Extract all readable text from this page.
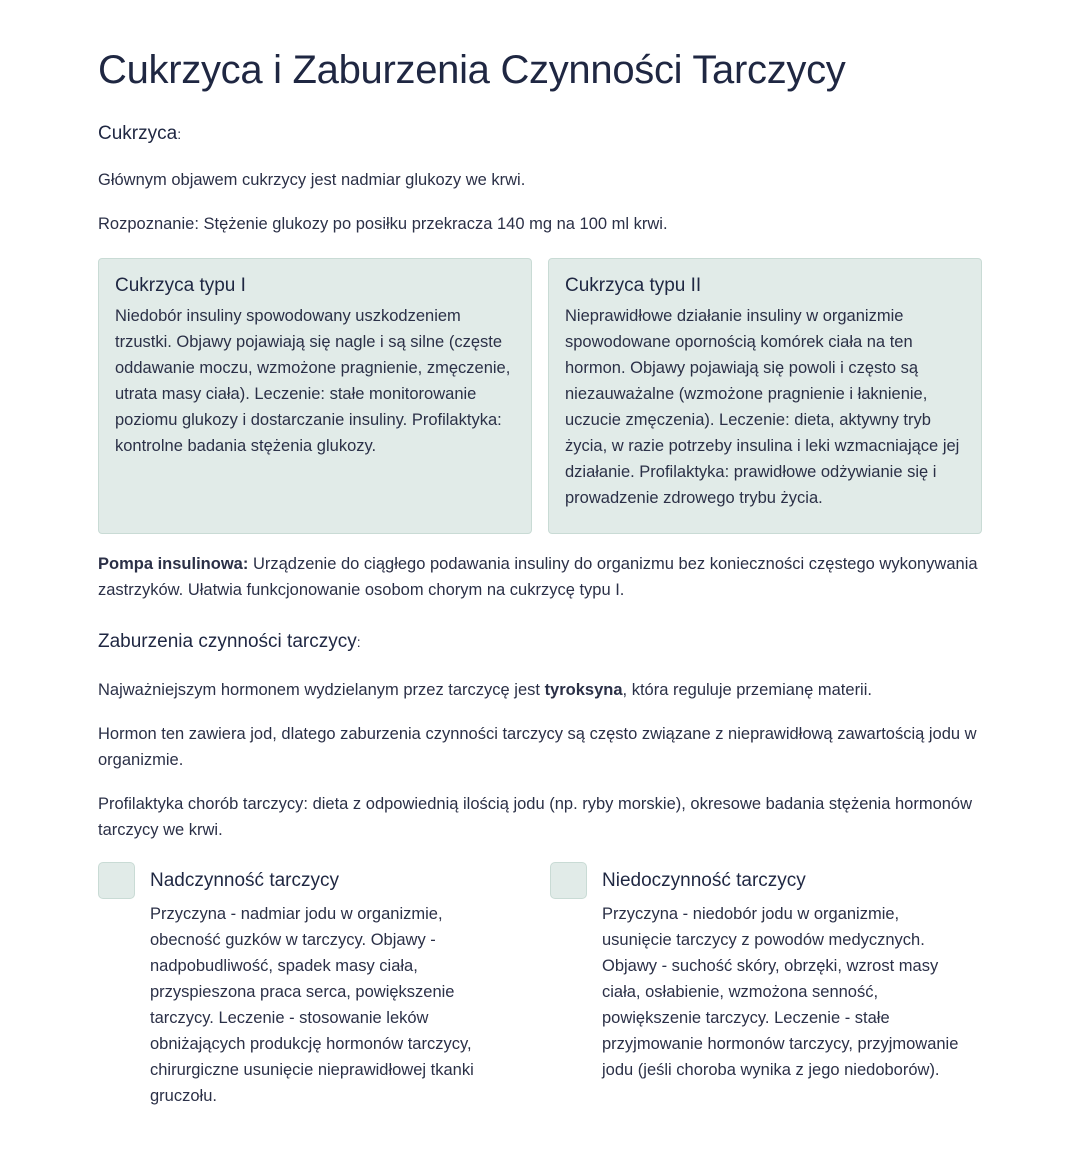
Cukrzyca i Zaburzenia Czynności Tarczycy
Cukrzyca:

Głównym objawem cukrzycy jest nadmiar glukozy we krwi.

Rozpoznanie: Stężenie glukozy po posiłku przekracza 140 mg na 100 ml krwi.

Cukrzyca typu I
Niedobór insuliny spowodowany uszkodzeniem trzustki. Objawy pojawiają się nagle i są silne (częste oddawanie moczu, wzmożone pragnienie, zmęczenie, utrata masy ciała). Leczenie: stałe monitorowanie poziomu glukozy i dostarczanie insuliny. Profilaktyka: kontrolne badania stężenia glukozy.
Cukrzyca typu II
Nieprawidłowe działanie insuliny w organizmie spowodowane opornością komórek ciała na ten hormon. Objawy pojawiają się powoli i często są niezauważalne (wzmożone pragnienie i łaknienie, uczucie zmęczenia). Leczenie: dieta, aktywny tryb życia, w razie potrzeby insulina i leki wzmacniające jej działanie. Profilaktyka: prawidłowe odżywianie się i prowadzenie zdrowego trybu życia.

Pompa insulinowa: Urządzenie do ciągłego podawania insuliny do organizmu bez konieczności częstego wykonywania zastrzyków. Ułatwia funkcjonowanie osobom chorym na cukrzycę typu I.

Zaburzenia czynności tarczycy:

Najważniejszym hormonem wydzielanym przez tarczycę jest tyroksyna, która reguluje przemianę materii.

Hormon ten zawiera jod, dlatego zaburzenia czynności tarczycy są często związane z nieprawidłową zawartością jodu w organizmie.

Profilaktyka chorób tarczycy: dieta z odpowiednią ilością jodu (np. ryby morskie), okresowe badania stężenia hormonów tarczycy we krwi.

Nadczynność tarczycy
Przyczyna - nadmiar jodu w organizmie, obecność guzków w tarczycy. Objawy - nadpobudliwość, spadek masy ciała, przyspieszona praca serca, powiększenie tarczycy. Leczenie - stosowanie leków obniżających produkcję hormonów tarczycy, chirurgiczne usunięcie nieprawidłowej tkanki gruczołu.
Niedoczynność tarczycy
Przyczyna - niedobór jodu w organizmie, usunięcie tarczycy z powodów medycznych. Objawy - suchość skóry, obrzęki, wzrost masy ciała, osłabienie, wzmożona senność, powiększenie tarczycy. Leczenie - stałe przyjmowanie hormonów tarczycy, przyjmowanie jodu (jeśli choroba wynika z jego niedoborów).
